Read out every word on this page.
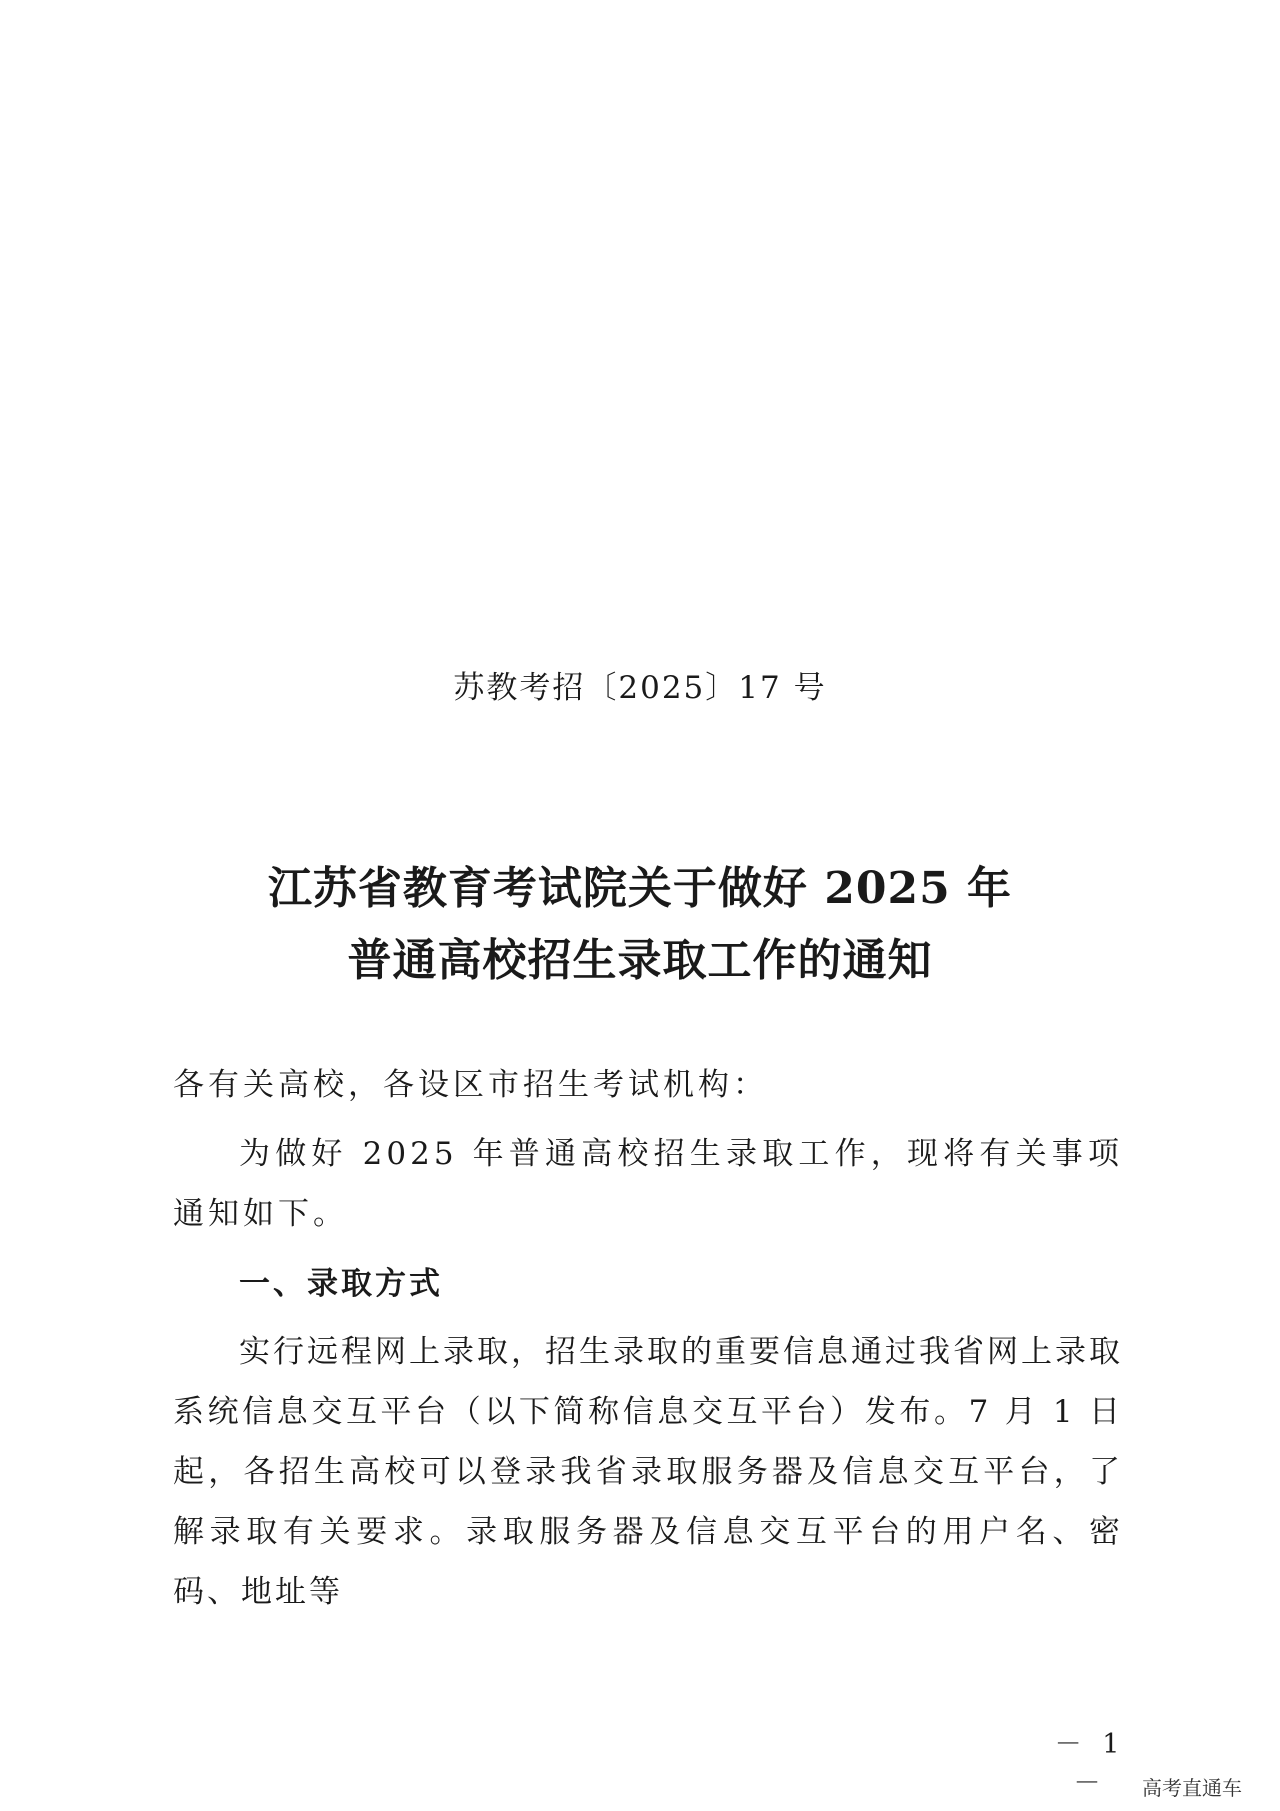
苏教考招〔2025〕17 号
江苏省教育考试院关于做好 2025 年
普通高校招生录取工作的通知
各有关高校，各设区市招生考试机构：
为做好 2025 年普通高校招生录取工作，现将有关事项通知如下。
一、录取方式
实行远程网上录取，招生录取的重要信息通过我省网上录取系统信息交互平台（以下简称信息交互平台）发布。7 月 1 日起，各招生高校可以登录我省录取服务器及信息交互平台，了解录取有关要求。录取服务器及信息交互平台的用户名、密码、地址等
－ 1 －	高考直通车
